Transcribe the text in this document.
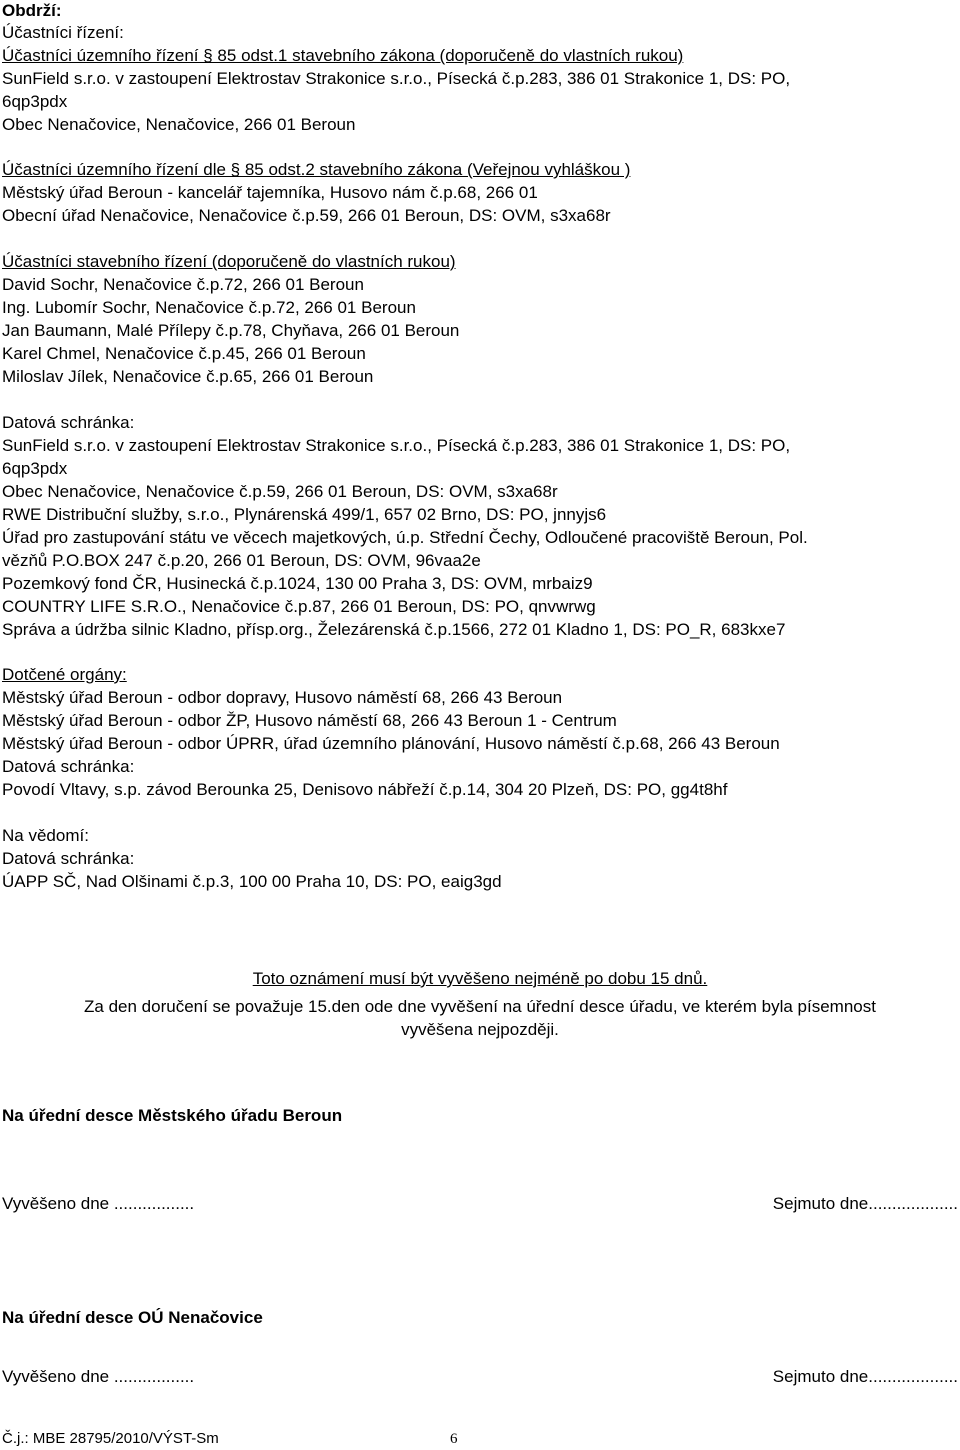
Obdrží:
Účastníci řízení:
Účastníci územního řízení § 85 odst.1 stavebního zákona (doporučeně do vlastních rukou)
SunField s.r.o. v zastoupení Elektrostav Strakonice s.r.o., Písecká č.p.283, 386 01 Strakonice 1, DS: PO,
6qp3pdx
Obec Nenačovice, Nenačovice, 266 01 Beroun
Účastníci územního řízení dle § 85 odst.2 stavebního zákona (Veřejnou vyhláškou )
Městský úřad Beroun - kancelář tajemníka, Husovo nám č.p.68, 266 01
Obecní úřad Nenačovice, Nenačovice č.p.59, 266 01 Beroun, DS: OVM, s3xa68r
Účastníci stavebního řízení (doporučeně do vlastních rukou)
David Sochr, Nenačovice č.p.72, 266 01 Beroun
Ing. Lubomír Sochr, Nenačovice č.p.72, 266 01 Beroun
Jan Baumann, Malé Přílepy č.p.78, Chyňava, 266 01 Beroun
Karel Chmel, Nenačovice č.p.45, 266 01 Beroun
Miloslav Jílek, Nenačovice č.p.65, 266 01 Beroun
Datová schránka:
SunField s.r.o. v zastoupení Elektrostav Strakonice s.r.o., Písecká č.p.283, 386 01 Strakonice 1, DS: PO,
6qp3pdx
Obec Nenačovice, Nenačovice č.p.59, 266 01 Beroun, DS: OVM, s3xa68r
RWE Distribuční služby, s.r.o., Plynárenská 499/1, 657 02 Brno, DS: PO, jnnyjs6
Úřad pro zastupování státu ve věcech majetkových, ú.p. Střední Čechy, Odloučené pracoviště Beroun, Pol.
vězňů P.O.BOX 247 č.p.20, 266 01 Beroun, DS: OVM, 96vaa2e
Pozemkový fond ČR, Husinecká č.p.1024, 130 00 Praha 3, DS: OVM, mrbaiz9
COUNTRY LIFE S.R.O., Nenačovice č.p.87, 266 01 Beroun, DS: PO, qnvwrwg
Správa a údržba silnic Kladno, přísp.org., Železárenská č.p.1566, 272 01 Kladno 1, DS: PO_R, 683kxe7
Dotčené orgány:
Městský úřad Beroun - odbor dopravy, Husovo náměstí 68, 266 43 Beroun
Městský úřad Beroun - odbor ŽP, Husovo náměstí 68, 266 43 Beroun 1 - Centrum
Městský úřad Beroun - odbor ÚPRR, úřad územního plánování, Husovo náměstí č.p.68, 266 43 Beroun
Datová schránka:
Povodí Vltavy, s.p. závod Berounka 25, Denisovo nábřeží č.p.14, 304 20 Plzeň, DS: PO, gg4t8hf
Na vědomí:
Datová schránka:
ÚAPP SČ, Nad Olšinami č.p.3, 100 00 Praha 10, DS: PO, eaig3gd
Toto oznámení musí být vyvěšeno nejméně po dobu 15 dnů.
Za den doručení se považuje 15.den ode dne vyvěšení na úřední desce úřadu, ve kterém byla písemnost
vyvěšena nejpozději.
Na úřední desce Městského úřadu Beroun
Vyvěšeno dne .................	Sejmuto dne...................
Na úřední desce OÚ Nenačovice
Vyvěšeno dne .................	Sejmuto dne...................
Č.j.: MBE 28795/2010/VÝST-Sm	6
